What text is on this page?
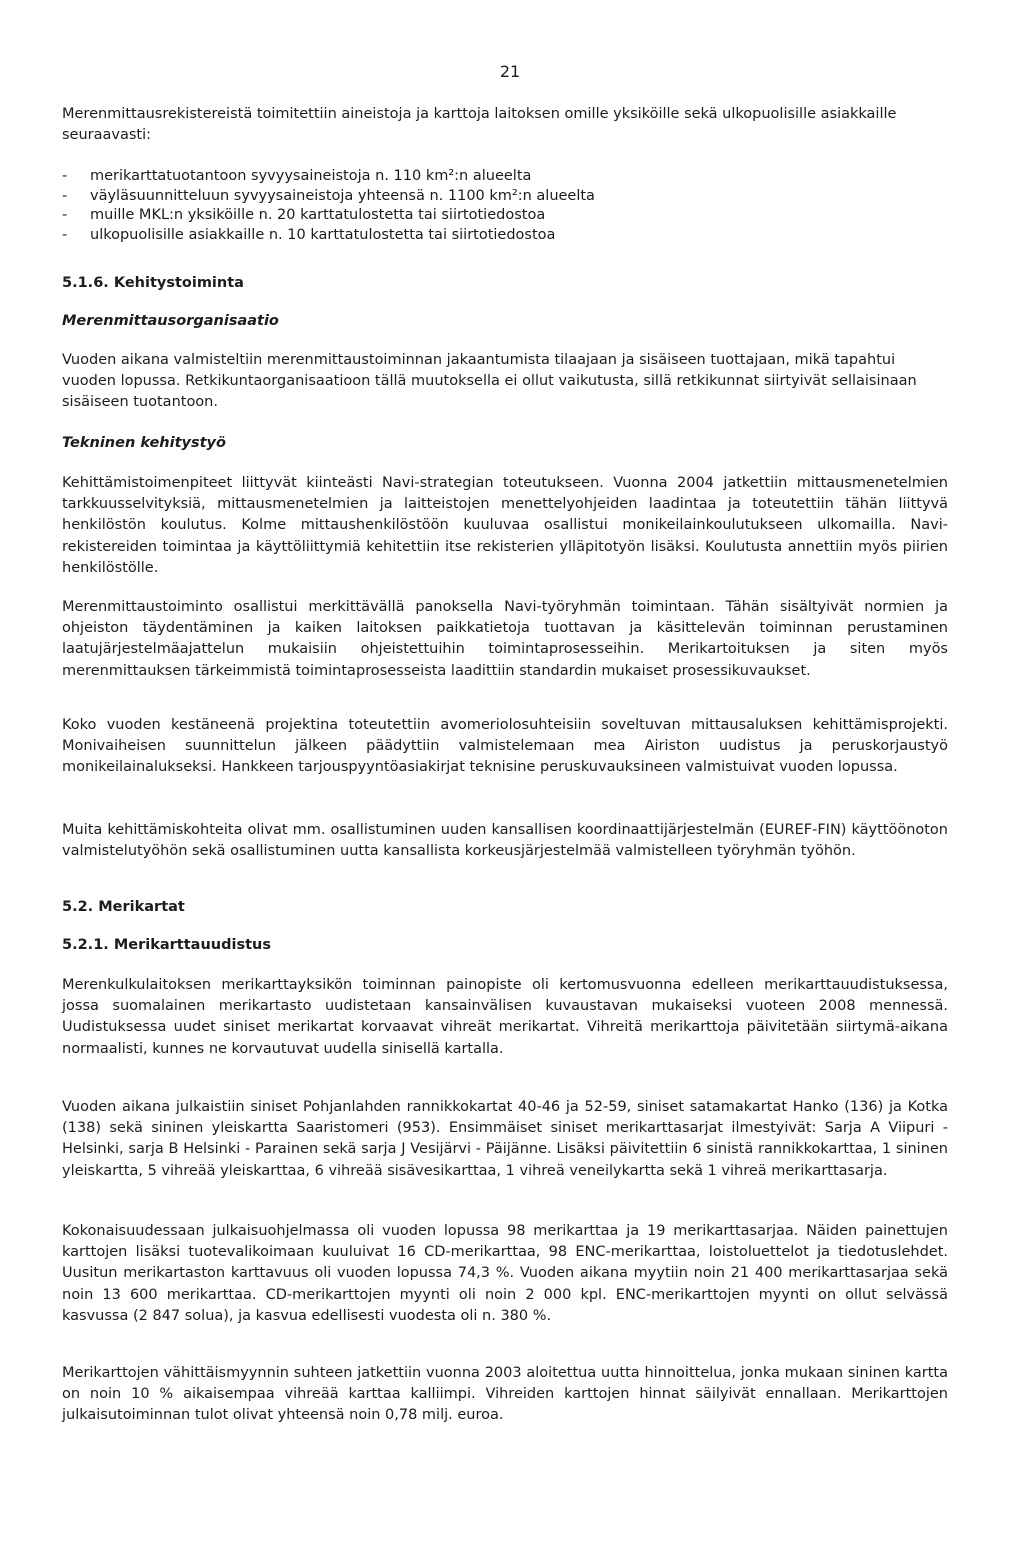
21

Merenmittausrekistereistä toimitettiin aineistoja ja karttoja laitoksen omille yksiköille sekä ulkopuolisille asiakkaille seuraavasti:

- merikarttatuotantoon syvyysaineistoja n. 110 km²:n alueelta
- väyläsuunnitteluun syvyysaineistoja yhteensä n. 1100 km²:n alueelta
- muille MKL:n yksiköille n. 20 karttatulostetta tai siirtotiedostoa
- ulkopuolisille asiakkaille n. 10 karttatulostetta tai siirtotiedostoa
5.1.6. Kehitystoiminta
Merenmittausorganisaatio

Vuoden aikana valmisteltiin merenmittaustoiminnan jakaantumista tilaajaan ja sisäiseen tuottajaan, mikä tapahtui vuoden lopussa. Retkikuntaorganisaatioon tällä muutoksella ei ollut vaikutusta, sillä retkikunnat siirtyivät sellaisinaan sisäiseen tuotantoon.

Tekninen kehitystyö

Kehittämistoimenpiteet liittyvät kiinteästi Navi-strategian toteutukseen. Vuonna 2004 jatkettiin mittausmenetelmien tarkkuusselvityksiä, mittausmenetelmien ja laitteistojen menettelyohjeiden laadintaa ja toteutettiin tähän liittyvä henkilöstön koulutus. Kolme mittaushenkilöstöön kuuluvaa osallistui monikeilainkoulutukseen ulkomailla. Navi-rekistereiden toimintaa ja käyttöliittymiä kehitettiin itse rekisterien ylläpitotyön lisäksi. Koulutusta annettiin myös piirien henkilöstölle.

Merenmittaustoiminto osallistui merkittävällä panoksella Navi-työryhmän toimintaan. Tähän sisältyivät normien ja ohjeiston täydentäminen ja kaiken laitoksen paikkatietoja tuottavan ja käsittelevän toiminnan perustaminen laatujärjestelmäajattelun mukaisiin ohjeistettuihin toimintaprosesseihin. Merikartoituksen ja siten myös merenmittauksen tärkeimmistä toimintaprosesseista laadittiin standardin mukaiset prosessikuvaukset.

Koko vuoden kestäneenä projektina toteutettiin avomeriolosuhteisiin soveltuvan mittausaluksen kehittämisprojekti. Monivaiheisen suunnittelun jälkeen päädyttiin valmistelemaan mea Airiston uudistus ja peruskorjaustyö monikeilainalukseksi. Hankkeen tarjouspyyntöasiakirjat teknisine peruskuvauksineen valmistuivat vuoden lopussa.

Muita kehittämiskohteita olivat mm. osallistuminen uuden kansallisen koordinaattijärjestelmän (EUREF-FIN) käyttöönoton valmistelutyöhön sekä osallistuminen uutta kansallista korkeusjärjestelmää valmistelleen työryhmän työhön.

5.2. Merikartat
5.2.1. Merikarttauudistus

Merenkulkulaitoksen merikarttayksikön toiminnan painopiste oli kertomusvuonna edelleen merikarttauudistuksessa, jossa suomalainen merikartasto uudistetaan kansainvälisen kuvaustavan mukaiseksi vuoteen 2008 mennessä. Uudistuksessa uudet siniset merikartat korvaavat vihreät merikartat. Vihreitä merikarttoja päivitetään siirtymä-aikana normaalisti, kunnes ne korvautuvat uudella sinisellä kartalla.

Vuoden aikana julkaistiin siniset Pohjanlahden rannikkokartat 40-46 ja 52-59, siniset satamakartat Hanko (136) ja Kotka (138) sekä sininen yleiskartta Saaristomeri (953). Ensimmäiset siniset merikarttasarjat ilmestyivät: Sarja A Viipuri - Helsinki, sarja B Helsinki - Parainen sekä sarja J Vesijärvi - Päijänne. Lisäksi päivitettiin 6 sinistä rannikkokarttaa, 1 sininen yleiskartta, 5 vihreää yleiskarttaa, 6 vihreää sisävesikarttaa, 1 vihreä veneilykartta sekä 1 vihreä merikarttasarja.

Kokonaisuudessaan julkaisuohjelmassa oli vuoden lopussa 98 merikarttaa ja 19 merikarttasarjaa. Näiden painettujen karttojen lisäksi tuotevalikoimaan kuuluivat 16 CD-merikarttaa, 98 ENC-merikarttaa, loistoluettelot ja tiedotuslehdet. Uusitun merikartaston karttavuus oli vuoden lopussa 74,3 %. Vuoden aikana myytiin noin 21 400 merikarttasarjaa sekä noin 13 600 merikarttaa. CD-merikarttojen myynti oli noin 2 000 kpl. ENC-merikarttojen myynti on ollut selvässä kasvussa (2 847 solua), ja kasvua edellisesti vuodesta oli n. 380 %.

Merikarttojen vähittäismyynnin suhteen jatkettiin vuonna 2003 aloitettua uutta hinnoittelua, jonka mukaan sininen kartta on noin 10 % aikaisempaa vihreää karttaa kalliimpi. Vihreiden karttojen hinnat säilyivät ennallaan. Merikarttojen julkaisutoiminnan tulot olivat yhteensä noin 0,78 milj. euroa.
